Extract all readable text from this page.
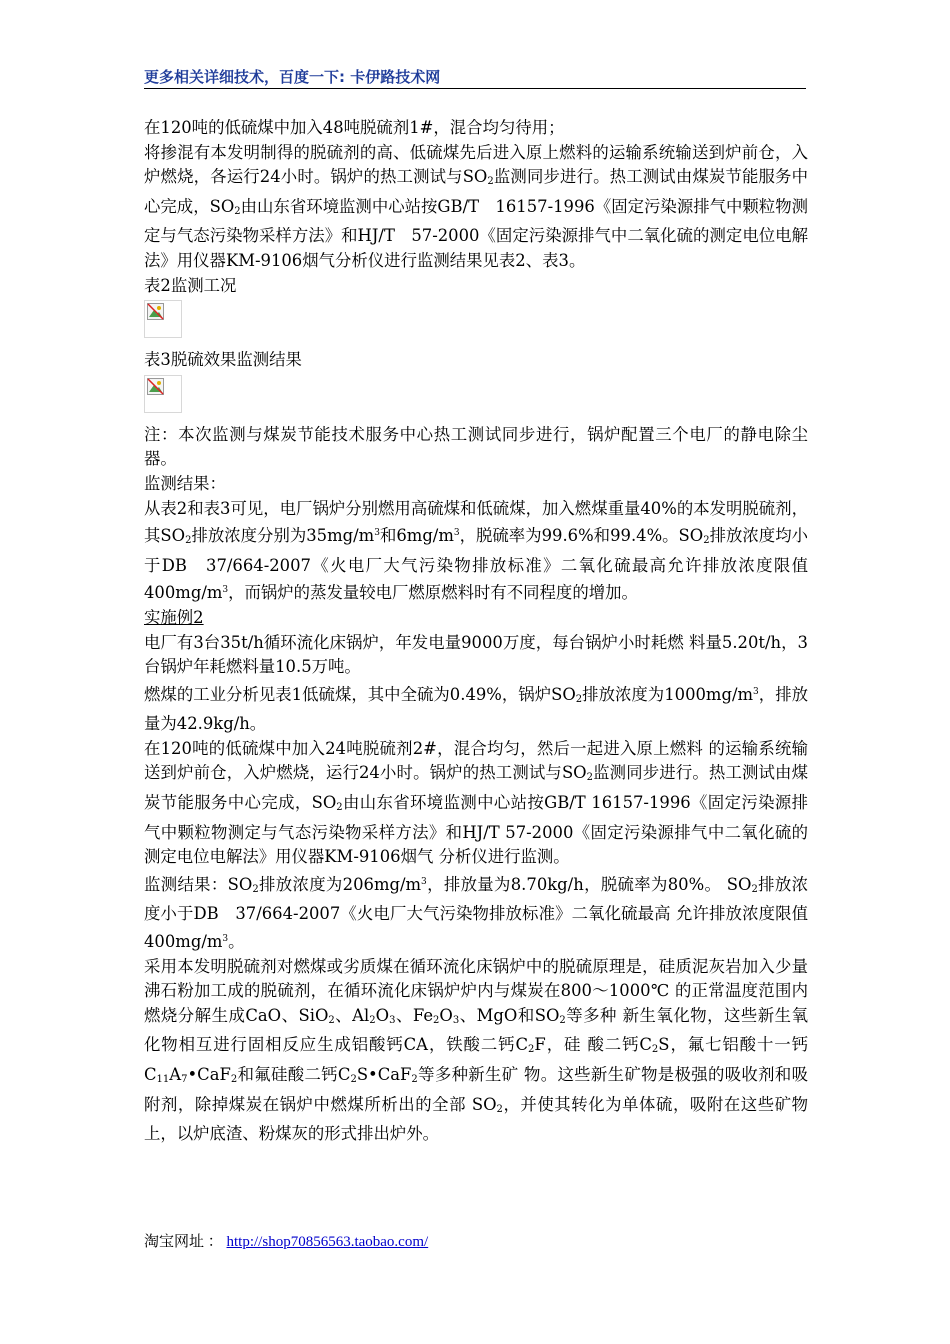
更多相关详细技术，百度一下: 卡伊路技术网

在120吨的低硫煤中加入48吨脱硫剂1#，混合均匀待用；

将掺混有本发明制得的脱硫剂的高、低硫煤先后进入原上燃料的运输系统输送到炉前仓，入炉燃烧，各运行24小时。锅炉的热工测试与$SO_2$监测同步进行。热工测试由煤炭节能服务中心完成，$SO_2$由山东省环境监测中心站按GB/T　16157-1996《固定污染源排气中颗粒物测定与气态污染物采样方法》和HJ/T　57-2000《固定污染源排气中二氧化硫的测定电位电解法》用仪器KM-9106烟气分析仪进行监测结果见表2、表3。

表2监测工况

表3脱硫效果监测结果

注：本次监测与煤炭节能技术服务中心热工测试同步进行，锅炉配置三个电厂的静电除尘器。

监测结果：

从表2和表3可见，电厂锅炉分别燃用高硫煤和低硫煤，加入燃煤重量40%的本发明脱硫剂，其$SO_2$排放浓度分别为$35mg/m^3$和$6mg/m^3$，脱硫率为99.6%和99.4%。$SO_2$排放浓度均小于DB　37/664-2007《火电厂大气污染物排放标准》二氧化硫最高允许排放浓度限值$400mg/m^3$，而锅炉的蒸发量较电厂燃原燃料时有不同程度的增加。

实施例2

电厂有3台35t/h循环流化床锅炉，年发电量9000万度，每台锅炉小时耗燃 料量5.20t/h，3台锅炉年耗燃料量10.5万吨。

燃煤的工业分析见表1低硫煤，其中全硫为0.49%，锅炉$SO_2$排放浓度为$1000mg/m^3$，排放量为42.9kg/h。

在120吨的低硫煤中加入24吨脱硫剂2#，混合均匀，然后一起进入原上燃料 的运输系统输送到炉前仓，入炉燃烧，运行24小时。锅炉的热工测试与$SO_2$监测同步进行。热工测试由煤炭节能服务中心完成，$SO_2$由山东省环境监测中心站按GB/T 16157-1996《固定污染源排气中颗粒物测定与气态污染物采样方法》和HJ/T 57-2000《固定污染源排气中二氧化硫的测定电位电解法》用仪器KM-9106烟气 分析仪进行监测。

监测结果：$SO_2$排放浓度为$206mg/m^3$，排放量为8.70kg/h，脱硫率为80%。 $SO_2$排放浓度小于DB　37/664-2007《火电厂大气污染物排放标准》二氧化硫最高 允许排放浓度限值$400mg/m^3$。

采用本发明脱硫剂对燃煤或劣质煤在循环流化床锅炉中的脱硫原理是，硅质泥灰岩加入少量沸石粉加工成的脱硫剂，在循环流化床锅炉炉内与煤炭在800～1000℃ 的正常温度范围内燃烧分解生成CaO、SiO$_2$、$Al_2O_3$、$Fe_2O_3$、MgO和$SO_2$等多种 新生氧化物，这些新生氧化物相互进行固相反应生成铝酸钙CA，铁酸二钙$C_2F$，硅 酸二钙$C_2S$，氟七铝酸十一钙$C_{11}A_7•CaF_2$和氟硅酸二钙$C_2S•CaF_2$等多种新生矿 物。这些新生矿物是极强的吸收剂和吸附剂，除掉煤炭在锅炉中燃煤所析出的全部 $SO_2$，并使其转化为单体硫，吸附在这些矿物上，以炉底渣、粉煤灰的形式排出炉外。

淘宝网址 ： http://shop70856563.taobao.com/
